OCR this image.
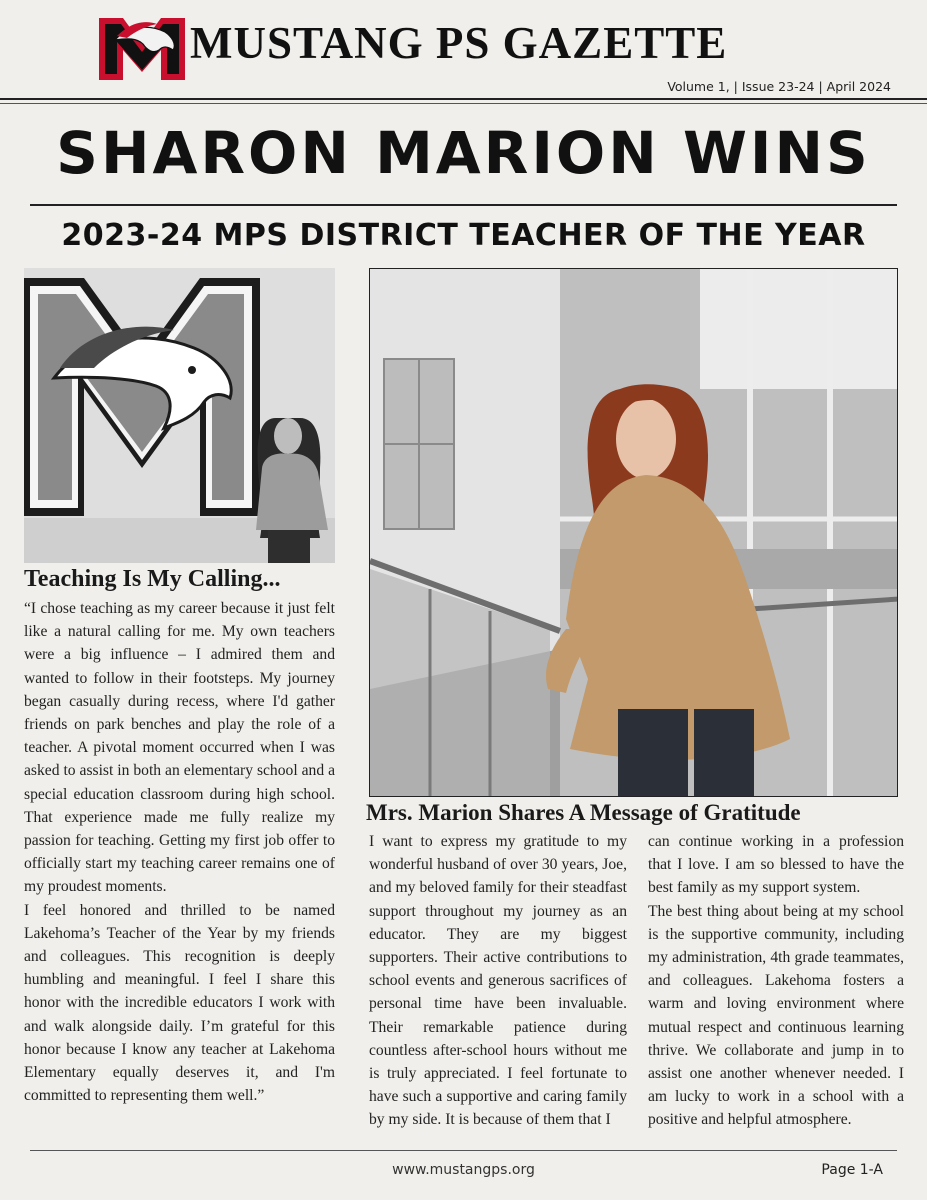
MUSTANG PS GAZETTE
Volume 1, | Issue 23-24 | April 2024
SHARON MARION WINS
2023-24 MPS DISTRICT TEACHER OF THE YEAR
Teaching Is My Calling...

“I chose teaching as my career because it just felt like a natural calling for me. My own teachers were a big influence – I admired them and wanted to follow in their footsteps. My journey began casually during recess, where I'd gather friends on park benches and play the role of a teacher. A pivotal moment occurred when I was asked to assist in both an elementary school and a special education classroom during high school. That experience made me fully realize my passion for teaching. Getting my first job offer to officially start my teaching career remains one of my proudest moments.

I feel honored and thrilled to be named Lakehoma’s Teacher of the Year by my friends and colleagues. This recognition is deeply humbling and meaningful. I feel I share this honor with the incredible educators I work with and walk alongside daily. I’m grateful for this honor because I know any teacher at Lakehoma Elementary equally deserves it, and I'm committed to representing them well.”

Mrs. Marion Shares A Message of Gratitude

I want to express my gratitude to my wonderful husband of over 30 years, Joe, and my beloved family for their steadfast support throughout my journey as an educator. They are my biggest supporters. Their active contributions to school events and generous sacrifices of personal time have been invaluable. Their remarkable patience during countless after-school hours without me is truly appreciated. I feel fortunate to have such a supportive and caring family by my side. It is because of them that I

can continue working in a profession that I love. I am so blessed to have the best family as my support system.

The best thing about being at my school is the supportive community, including my administration, 4th grade teammates, and colleagues. Lakehoma fosters a warm and loving environment where mutual respect and continuous learning thrive. We collaborate and jump in to assist one another whenever needed. I am lucky to work in a school with a positive and helpful atmosphere.

www.mustangps.org	Page 1-A
